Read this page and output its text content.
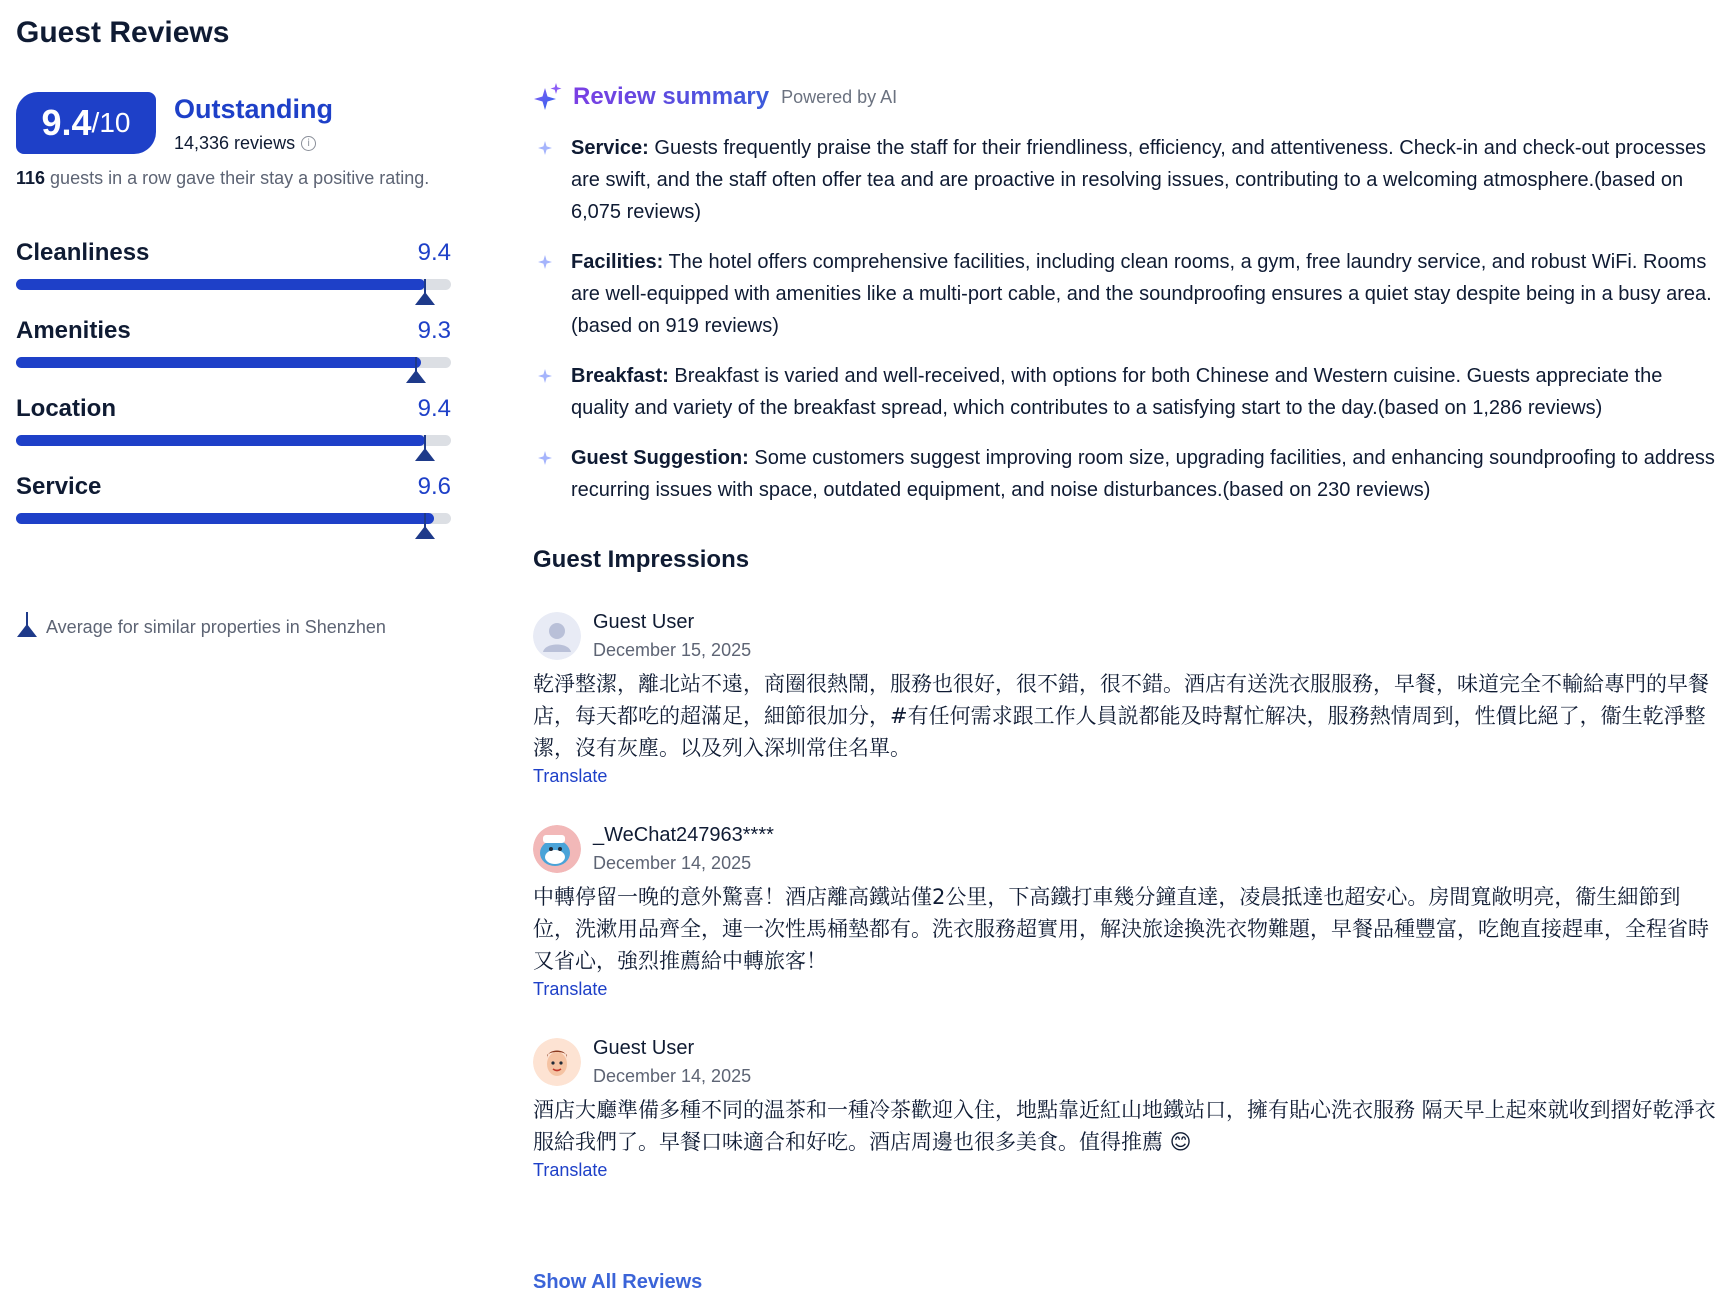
Guest Reviews
9.4 /10 Outstanding
14,336 reviews	i
116 guests in a row gave their stay a positive rating.
Cleanliness	9.4
Amenities	9.3
Location	9.4
Service	9.6
Average for similar properties in Shenzhen
Review summary Powered by AI
Service: Guests frequently praise the staff for their friendliness, efficiency, and attentiveness. Check-in and check-out processes are swift, and the staff often offer tea and are proactive in resolving issues, contributing to a welcoming atmosphere.(based on 6,075 reviews)
Facilities: The hotel offers comprehensive facilities, including clean rooms, a gym, free laundry service, and robust WiFi. Rooms are well-equipped with amenities like a multi-port cable, and the soundproofing ensures a quiet stay despite being in a busy area.(based on 919 reviews)
Breakfast: Breakfast is varied and well-received, with options for both Chinese and Western cuisine. Guests appreciate the quality and variety of the breakfast spread, which contributes to a satisfying start to the day.(based on 1,286 reviews)
Guest Suggestion: Some customers suggest improving room size, upgrading facilities, and enhancing soundproofing to address recurring issues with space, outdated equipment, and noise disturbances.(based on 230 reviews)
Guest Impressions
Guest User
December 15, 2025
乾淨整潔，離北站不遠，商圈很熱鬧，服務也很好，很不錯，很不錯。酒店有送洗衣服服務，早餐，味道完全不輸給專門的早餐店，每天都吃的超滿足，細節很加分，#有任何需求跟工作人員説都能及時幫忙解决，服務熱情周到，性價比絕了，衞生乾淨整潔，沒有灰塵。以及列入深圳常住名單。
Translate
_WeChat247963****
December 14, 2025
中轉停留一晚的意外驚喜！酒店離高鐵站僅2公里，下高鐵打車幾分鐘直達，凌晨抵達也超安心。房間寬敞明亮，衞生細節到位，洗漱用品齊全，連一次性馬桶墊都有。洗衣服務超實用，解決旅途換洗衣物難題，早餐品種豐富，吃飽直接趕車，全程省時又省心，強烈推薦給中轉旅客！
Translate
Guest User
December 14, 2025
酒店大廳準備多種不同的温茶和一種冷茶歡迎入住，地點靠近紅山地鐵站口，擁有貼心洗衣服務 隔天早上起來就收到摺好乾淨衣服給我們了。早餐口味適合和好吃。酒店周邊也很多美食。值得推薦 😊
Translate
Show All Reviews
